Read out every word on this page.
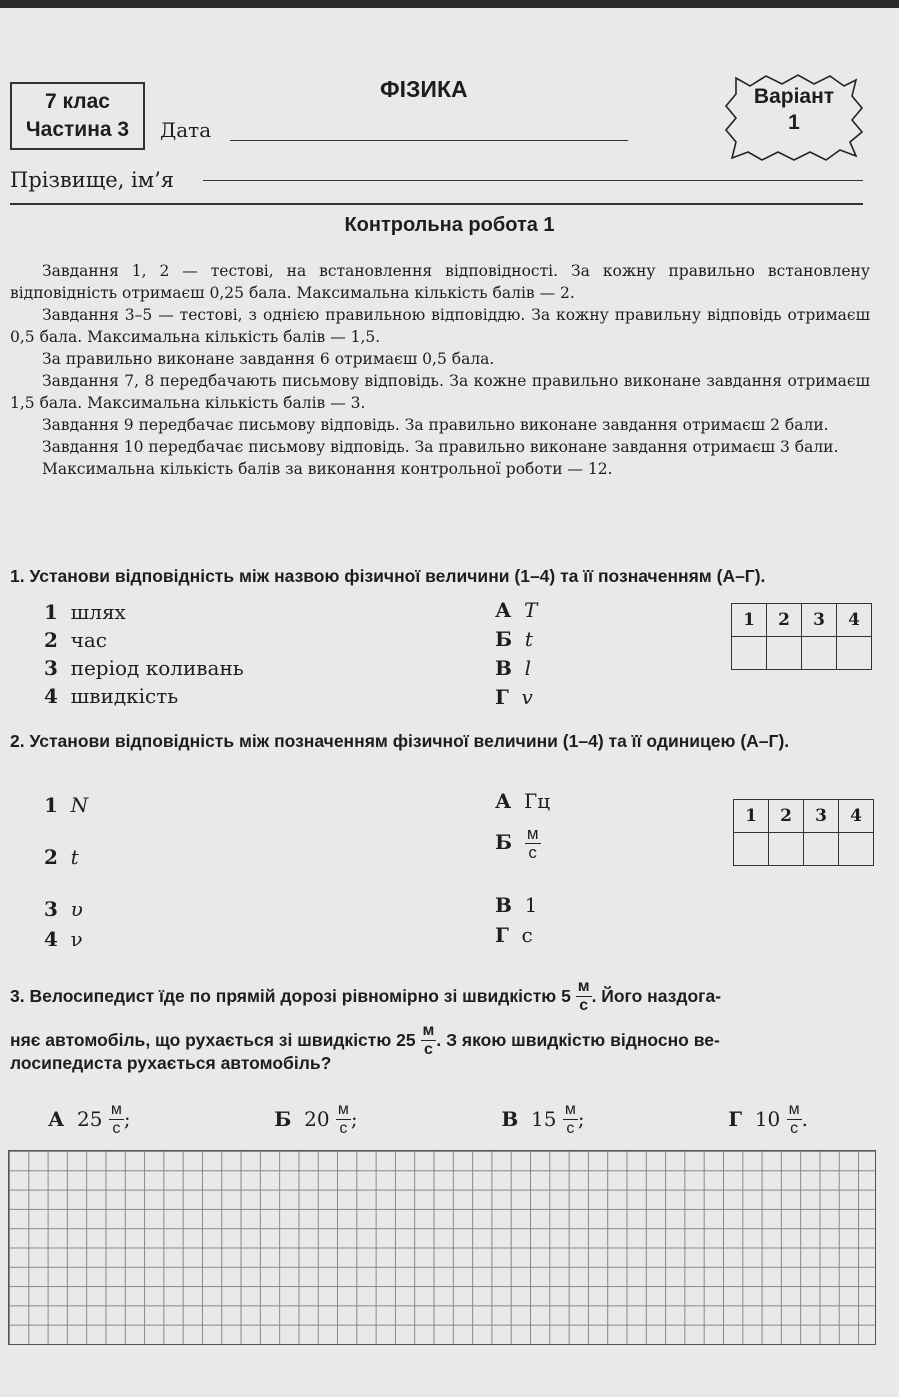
7 клас
Частина 3
ФІЗИКА
Дата
Варіант
1
Прізвище, ім’я
Контрольна робота 1

Завдання 1, 2 — тестові, на встановлення відповідності. За кожну правильно встановлену відповідність отримаєш 0,25 бала. Максимальна кількість балів — 2.

Завдання 3–5 — тестові, з однією правильною відповіддю. За кожну правильну відповідь отримаєш 0,5 бала. Максимальна кількість балів — 1,5.

За правильно виконане завдання 6 отримаєш 0,5 бала.

Завдання 7, 8 передбачають письмову відповідь. За кожне правильно виконане завдання отримаєш 1,5 бала. Максимальна кількість балів — 3.

Завдання 9 передбачає письмову відповідь. За правильно виконане завдання отримаєш 2 бали.

Завдання 10 передбачає письмову відповідь. За правильно виконане завдання отримаєш 3 бали.

Максимальна кількість балів за виконання контрольної роботи — 12.

1. Установи відповідність між назвою фізичної величини (1–4) та її позначенням (А–Г).
1 шлях
2 час
3 період коливань
4 швидкість
А T
Б t
В l
Г v
1	2	3	4

2. Установи відповідність між позначенням фізичної величини (1–4) та її одиницею (А–Г).
1 N
2 t
3 υ
4 ν
А Гц
Б $\frac{м}{с}$
В 1
Г с
1	2	3	4

3. Велосипедист їде по прямій дорозі рівномірно зі швидкістю 5
$\frac{м}{с}$ . Його наздога-
няє автомобіль, що рухається зі швидкістю 25
$\frac{м}{с}$ . З якою швидкістю відносно ве-
лосипедиста рухається автомобіль?
А
25
$\frac{м}{с}$ ;	Б
20
$\frac{м}{с}$ ;	В
15
$\frac{м}{с}$ ;	Г
10
$\frac{м}{с}$ .
